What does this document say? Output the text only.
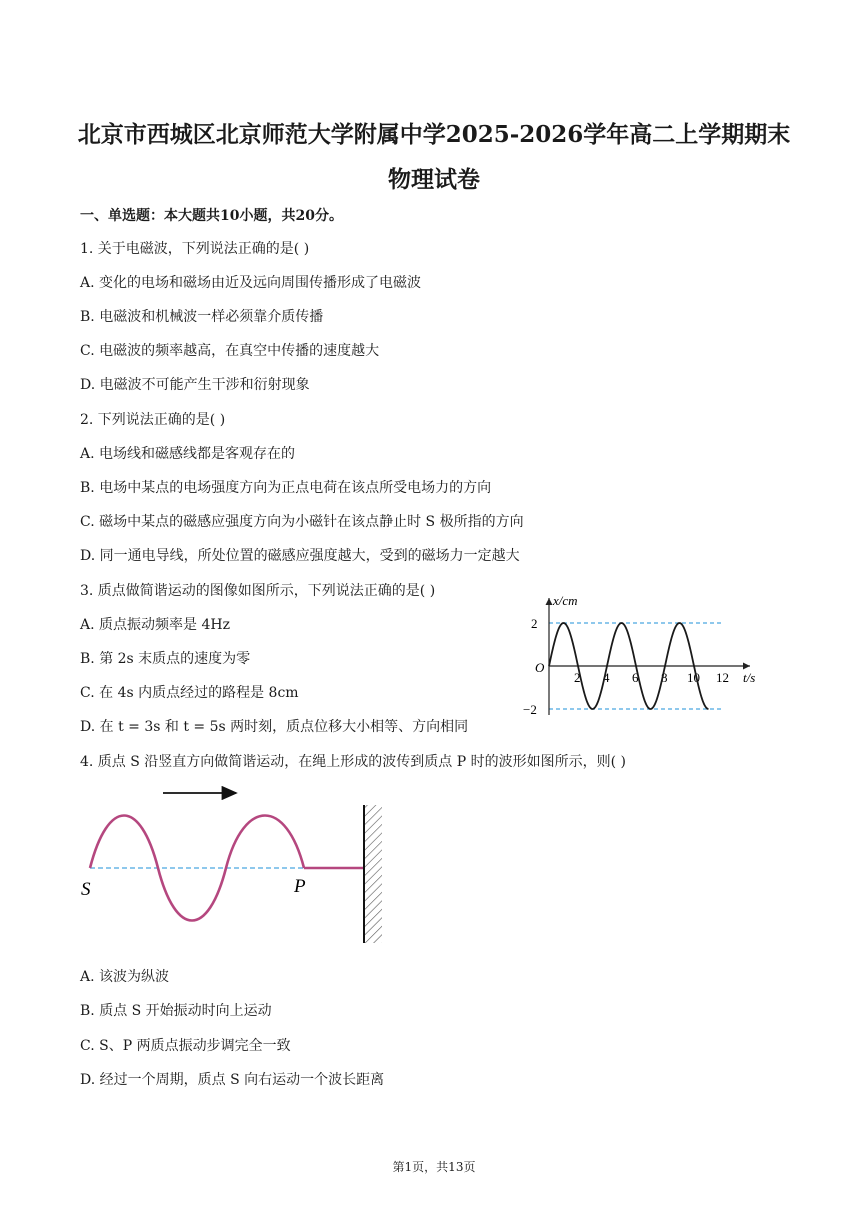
北京市西城区北京师范大学附属中学2025-2026学年高二上学期期末
物理试卷
一、单选题：本大题共10小题，共20分。
1. 关于电磁波，下列说法正确的是( )
A. 变化的电场和磁场由近及远向周围传播形成了电磁波
B. 电磁波和机械波一样必须靠介质传播
C. 电磁波的频率越高，在真空中传播的速度越大
D. 电磁波不可能产生干涉和衍射现象
2. 下列说法正确的是( )
A. 电场线和磁感线都是客观存在的
B. 电场中某点的电场强度方向为正点电荷在该点所受电场力的方向
C. 磁场中某点的磁感应强度方向为小磁针在该点静止时 S 极所指的方向
D. 同一通电导线，所处位置的磁感应强度越大，受到的磁场力一定越大
3. 质点做简谐运动的图像如图所示，下列说法正确的是( )
A. 质点振动频率是 4Hz
B. 第 2s 末质点的速度为零
C. 在 4s 内质点经过的路程是 8cm
D. 在 t = 3s 和 t = 5s 两时刻，质点位移大小相等、方向相同
2 4 6 8 10 12
x/cm
t/s
O
2
−2
4. 质点 S 沿竖直方向做简谐运动，在绳上形成的波传到质点 P 时的波形如图所示，则( )
S	P
A. 该波为纵波
B. 质点 S 开始振动时向上运动
C. S、P 两质点振动步调完全一致
D. 经过一个周期，质点 S 向右运动一个波长距离
第1页，共13页
